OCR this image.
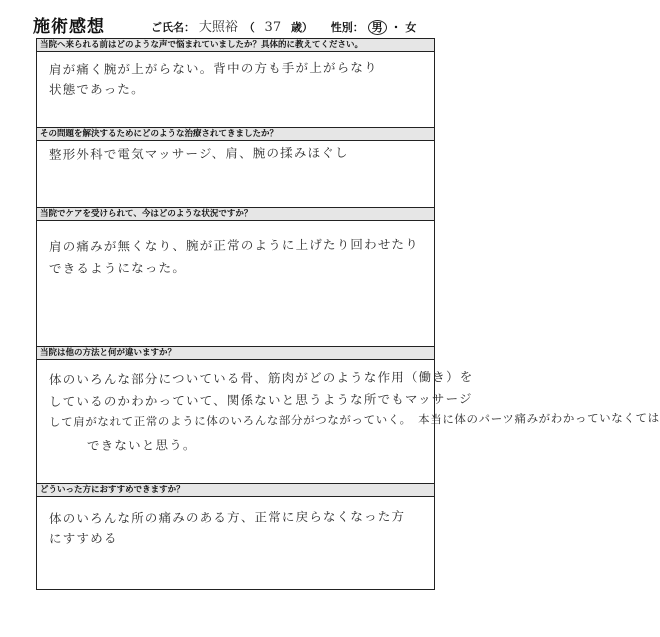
施術感想	ご氏名： 大照裕 （ 37 歳） 性別： 男 ・ 女
当院へ来られる前はどのような声で悩まれていましたか？具体的に教えてください。
肩が痛く腕が上がらない。背中の方も手が上がらなり
状態であった。
その問題を解決するためにどのような治療されてきましたか？
整形外科で電気マッサージ、肩、腕の揉みほぐし
当院でケアを受けられて、今はどのような状況ですか？
肩の痛みが無くなり、腕が正常のように上げたり回わせたり
できるようになった。
当院は他の方法と何が違いますか？
体のいろんな部分についている骨、筋肉がどのような作用（働き）を
しているのかわかっていて、関係ないと思うような所でもマッサージ
して肩がなれて正常のように体のいろんな部分がつながっていく。　本当に体のパーツ痛みがわかっていなくては
できないと思う。
どういった方におすすめできますか？
体のいろんな所の痛みのある方、正常に戻らなくなった方
にすすめる
